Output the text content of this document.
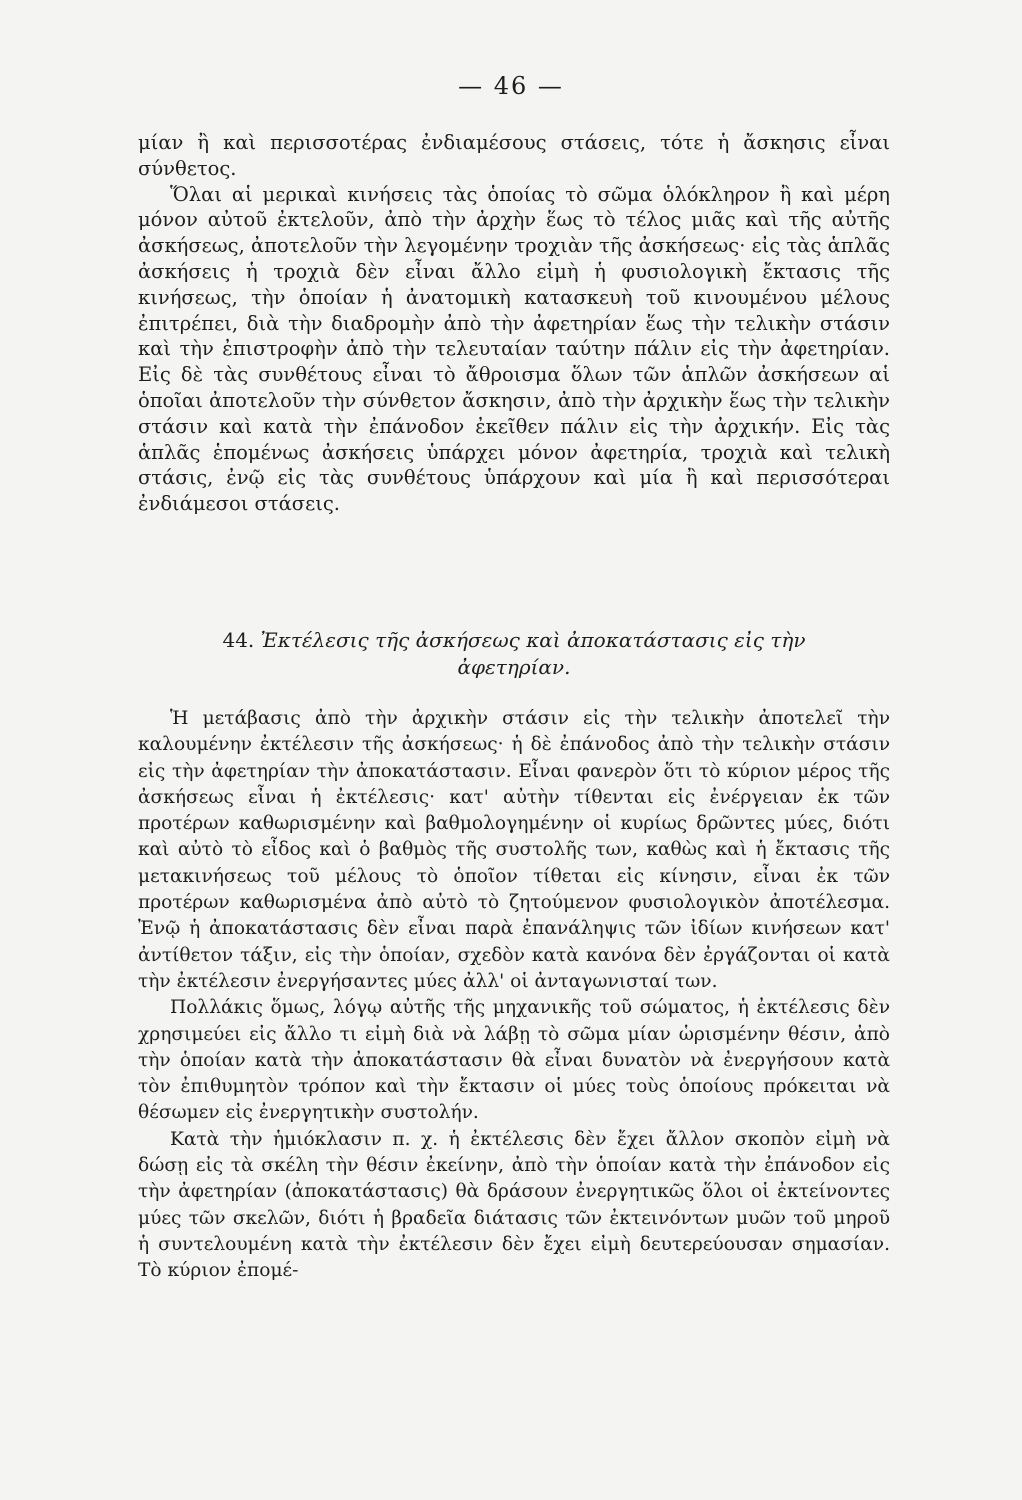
— 46 —

μίαν ἢ καὶ περισσοτέρας ἐνδιαμέσους στάσεις, τότε ἡ ἄσκησις εἶναι σύνθετος.

Ὅλαι αἱ μερικαὶ κινήσεις τὰς ὁποίας τὸ σῶμα ὁλόκληρον ἢ καὶ μέρη μόνον αὐτοῦ ἐκτελοῦν, ἀπὸ τὴν ἀρχὴν ἕως τὸ τέλος μιᾶς καὶ τῆς αὐτῆς ἀσκήσεως, ἀποτελοῦν τὴν λεγομένην τροχιὰν τῆς ἀσκήσεως· εἰς τὰς ἁπλᾶς ἀσκήσεις ἡ τροχιὰ δὲν εἶναι ἄλλο εἰμὴ ἡ φυσιολογικὴ ἔκτασις τῆς κινήσεως, τὴν ὁποίαν ἡ ἀνατομικὴ κατασκευὴ τοῦ κινουμένου μέλους ἐπιτρέπει, διὰ τὴν διαδρομὴν ἀπὸ τὴν ἀφετηρίαν ἕως τὴν τελικὴν στάσιν καὶ τὴν ἐπιστροφὴν ἀπὸ τὴν τελευταίαν ταύτην πάλιν εἰς τὴν ἀφετηρίαν. Εἰς δὲ τὰς συνθέτους εἶναι τὸ ἄθροισμα ὅλων τῶν ἁπλῶν ἀσκήσεων αἱ ὁποῖαι ἀποτελοῦν τὴν σύνθετον ἄσκησιν, ἀπὸ τὴν ἀρχικὴν ἕως τὴν τελικὴν στάσιν καὶ κατὰ τὴν ἐπάνοδον ἐκεῖθεν πάλιν εἰς τὴν ἀρχικήν. Εἰς τὰς ἁπλᾶς ἑπομένως ἀσκήσεις ὑπάρχει μόνον ἀφετηρία, τροχιὰ καὶ τελικὴ στάσις, ἐνῷ εἰς τὰς συνθέτους ὑπάρχουν καὶ μία ἢ καὶ περισσότεραι ἐνδιάμεσοι στάσεις.

44. Ἐκτέλεσις τῆς ἀσκήσεως καὶ ἀποκατάστασις εἰς τὴν
ἀφετηρίαν.

Ἡ μετάβασις ἀπὸ τὴν ἀρχικὴν στάσιν εἰς τὴν τελικὴν ἀποτελεῖ τὴν καλουμένην ἐκτέλεσιν τῆς ἀσκήσεως· ἡ δὲ ἐπάνοδος ἀπὸ τὴν τελικὴν στάσιν εἰς τὴν ἀφετηρίαν τὴν ἀποκατάστασιν. Εἶναι φανερὸν ὅτι τὸ κύριον μέρος τῆς ἀσκήσεως εἶναι ἡ ἐκτέλεσις· κατ' αὐτὴν τίθενται εἰς ἐνέργειαν ἐκ τῶν προτέρων καθωρισμένην καὶ βαθμολογημένην οἱ κυρίως δρῶντες μύες, διότι καὶ αὐτὸ τὸ εἶδος καὶ ὁ βαθμὸς τῆς συστολῆς των, καθὼς καὶ ἡ ἔκτασις τῆς μετακινήσεως τοῦ μέλους τὸ ὁποῖον τίθεται εἰς κίνησιν, εἶναι ἐκ τῶν προτέρων καθωρισμένα ἀπὸ αὐτὸ τὸ ζητούμενον φυσιολογικὸν ἀποτέλεσμα. Ἐνῷ ἡ ἀποκατάστασις δὲν εἶναι παρὰ ἐπανάληψις τῶν ἰδίων κινήσεων κατ' ἀντίθετον τάξιν, εἰς τὴν ὁποίαν, σχεδὸν κατὰ κανόνα δὲν ἐργάζονται οἱ κατὰ τὴν ἐκτέλεσιν ἐνεργήσαντες μύες ἀλλ' οἱ ἀνταγωνισταί των.

Πολλάκις ὅμως, λόγῳ αὐτῆς τῆς μηχανικῆς τοῦ σώματος, ἡ ἐκτέλεσις δὲν χρησιμεύει εἰς ἄλλο τι εἰμὴ διὰ νὰ λάβῃ τὸ σῶμα μίαν ὡρισμένην θέσιν, ἀπὸ τὴν ὁποίαν κατὰ τὴν ἀποκατάστασιν θὰ εἶναι δυνατὸν νὰ ἐνεργήσουν κατὰ τὸν ἐπιθυμητὸν τρόπον καὶ τὴν ἔκτασιν οἱ μύες τοὺς ὁποίους πρόκειται νὰ θέσωμεν εἰς ἐνεργητικὴν συστολήν.

Κατὰ τὴν ἡμιόκλασιν π. χ. ἡ ἐκτέλεσις δὲν ἔχει ἄλλον σκοπὸν εἰμὴ νὰ δώσῃ εἰς τὰ σκέλη τὴν θέσιν ἐκείνην, ἀπὸ τὴν ὁποίαν κατὰ τὴν ἐπάνοδον εἰς τὴν ἀφετηρίαν (ἀποκατάστασις) θὰ δράσουν ἐνεργητικῶς ὅλοι οἱ ἐκτείνοντες μύες τῶν σκελῶν, διότι ἡ βραδεῖα διάτασις τῶν ἐκτεινόντων μυῶν τοῦ μηροῦ ἡ συντελουμένη κατὰ τὴν ἐκτέλεσιν δὲν ἔχει εἰμὴ δευτερεύουσαν σημασίαν. Τὸ κύριον ἐπομέ-
